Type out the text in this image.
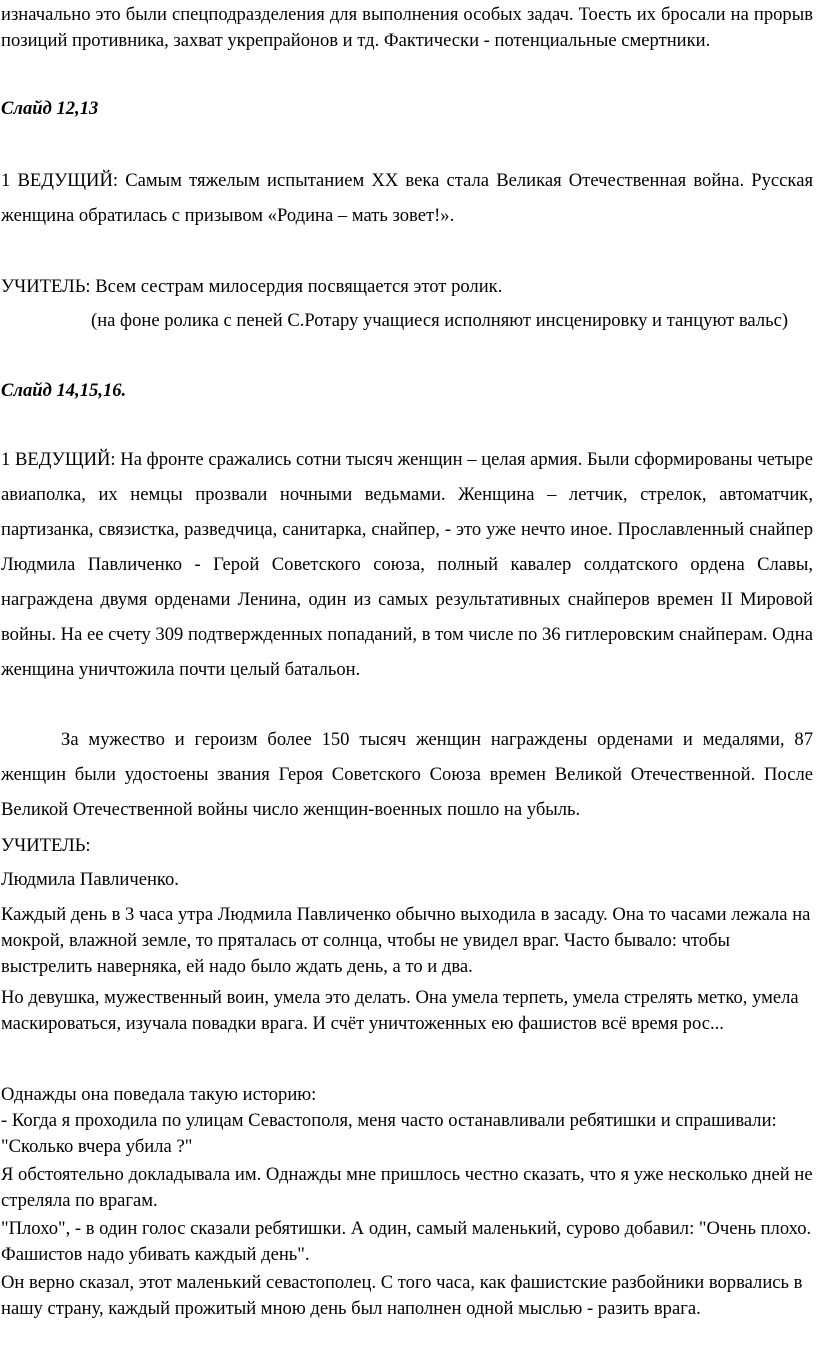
изначально это были спецподразделения для выполнения особых задач. Тоесть их бросали на прорыв позиций противника, захват укрепрайонов и тд. Фактически - потенциальные смертники.

Слайд 12,13

1 ВЕДУЩИЙ: Самым тяжелым испытанием XX века стала Великая Отечественная война. Русская женщина обратилась с призывом «Родина – мать зовет!».

УЧИТЕЛЬ: Всем сестрам милосердия посвящается этот ролик.

(на фоне ролика с пеней С.Ротару учащиеся исполняют инсценировку и танцуют вальс)

Слайд 14,15,16.

1 ВЕДУЩИЙ: На фронте сражались сотни тысяч женщин – целая армия. Были сформированы четыре авиаполка, их немцы прозвали ночными ведьмами. Женщина – летчик, стрелок, автоматчик, партизанка, связистка, разведчица, санитарка, снайпер, - это уже нечто иное. Прославленный снайпер Людмила Павличенко - Герой Советского союза, полный кавалер солдатского ордена Славы, награждена двумя орденами Ленина, один из самых результативных снайперов времен II Мировой войны. На ее счету 309 подтвержденных попаданий, в том числе по 36 гитлеровским снайперам. Одна женщина уничтожила почти целый батальон.

За мужество и героизм более 150 тысяч женщин награждены орденами и медалями, 87 женщин были удостоены звания Героя Советского Союза времен Великой Отечественной. После Великой Отечественной войны число женщин-военных пошло на убыль.

УЧИТЕЛЬ:

Людмила Павличенко.

Каждый день в 3 часа утра Людмила Павличенко обычно выходила в засаду. Она то часами лежала на мокрой, влажной земле, то пряталась от солнца, чтобы не увидел враг. Часто бывало: чтобы выстрелить наверняка, ей надо было ждать день, а то и два.

Но девушка, мужественный воин, умела это делать. Она умела терпеть, умела стрелять метко, умела маскироваться, изучала повадки врага. И счёт уничтоженных ею фашистов всё время рос...

Однажды она поведала такую историю:

- Когда я проходила по улицам Севастополя, меня часто останавливали ребятишки и спрашивали: "Сколько вчера убила ?"

Я обстоятельно докладывала им. Однажды мне пришлось честно сказать, что я уже несколько дней не стреляла по врагам.

"Плохо", - в один голос сказали ребятишки. А один, самый маленький, сурово добавил: "Очень плохо. Фашистов надо убивать каждый день".

Он верно сказал, этот маленький севастополец. С того часа, как фашистские разбойники ворвались в нашу страну, каждый прожитый мною день был наполнен одной мыслью - разить врага.
